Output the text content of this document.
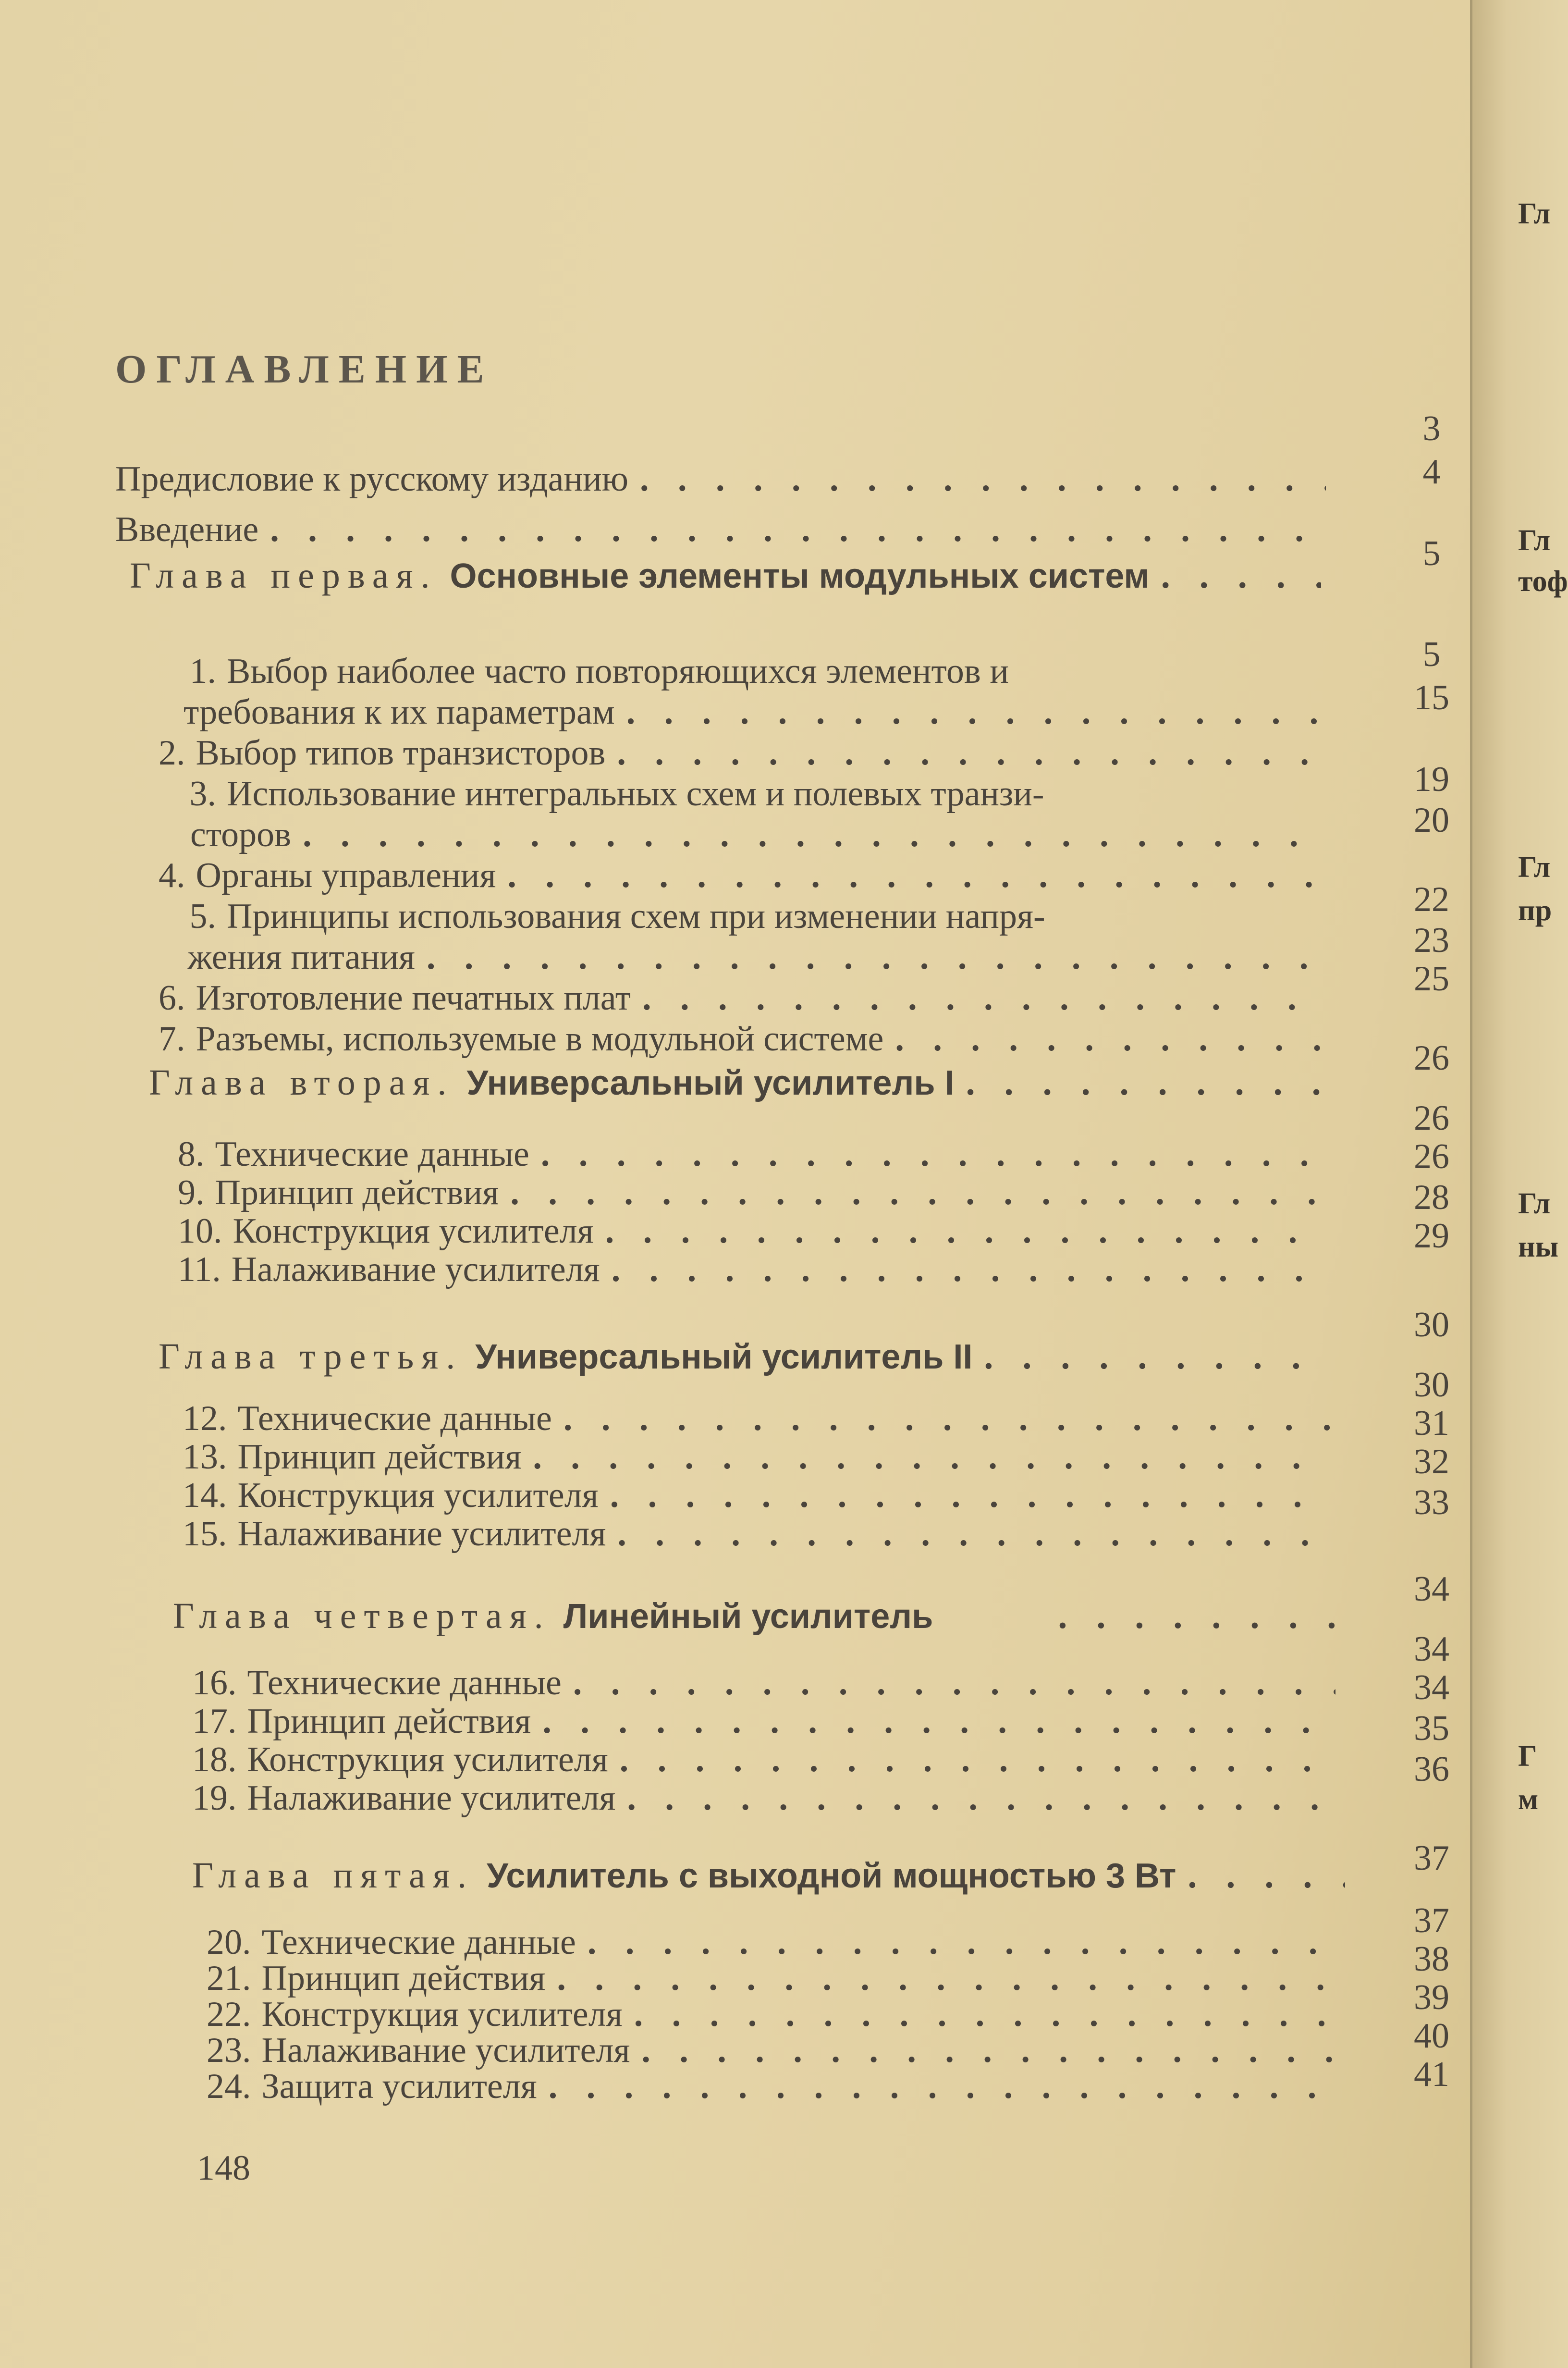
ОГЛАВЛЕНИЕ
Предисловие к русскому изданию
. . .
Введение
. . .
Глава первая. Основные элементы модульных систем
. . .
1. Выбор наиболее часто повторяющихся элементов и
требования к их параметрам
. . .
2. Выбор типов транзисторов
. . .
3. Использование интегральных схем и полевых транзи-
сторов
. . .
4. Органы управления
. . .
5. Принципы использования схем при изменении напря-
жения питания
. . .
6. Изготовление печатных плат
. . .
7. Разъемы, используемые в модульной системе
. . .
Глава вторая. Универсальный усилитель I
. . .
8. Технические данные
. . .
9. Принцип действия
. . .
10. Конструкция усилителя
. . .
11. Налаживание усилителя
. . .
Глава третья. Универсальный усилитель II
. . .
12. Технические данные
. . .
13. Принцип действия
. . .
14. Конструкция усилителя
. . .
15. Налаживание усилителя
. . .
Глава четвертая. Линейный усилитель
. . .
16. Технические данные
. . .
17. Принцип действия
. . .
18. Конструкция усилителя
. . .
19. Налаживание усилителя
. . .
Глава пятая. Усилитель с выходной мощностью 3 Вт
. . .
20. Технические данные
. . .
21. Принцип действия
. . .
22. Конструкция усилителя
. . .
23. Налаживание усилителя
. . .
24. Защита усилителя
. . .
3
4
5
5
15
19
20
22
23
25
26
26
26
28
29
30
30
31
32
33
34
34
34
35
36
37
37
38
39
40
41
148
Гл
Гл
тоф
Гл
пр
Гл
ны
Г
м
